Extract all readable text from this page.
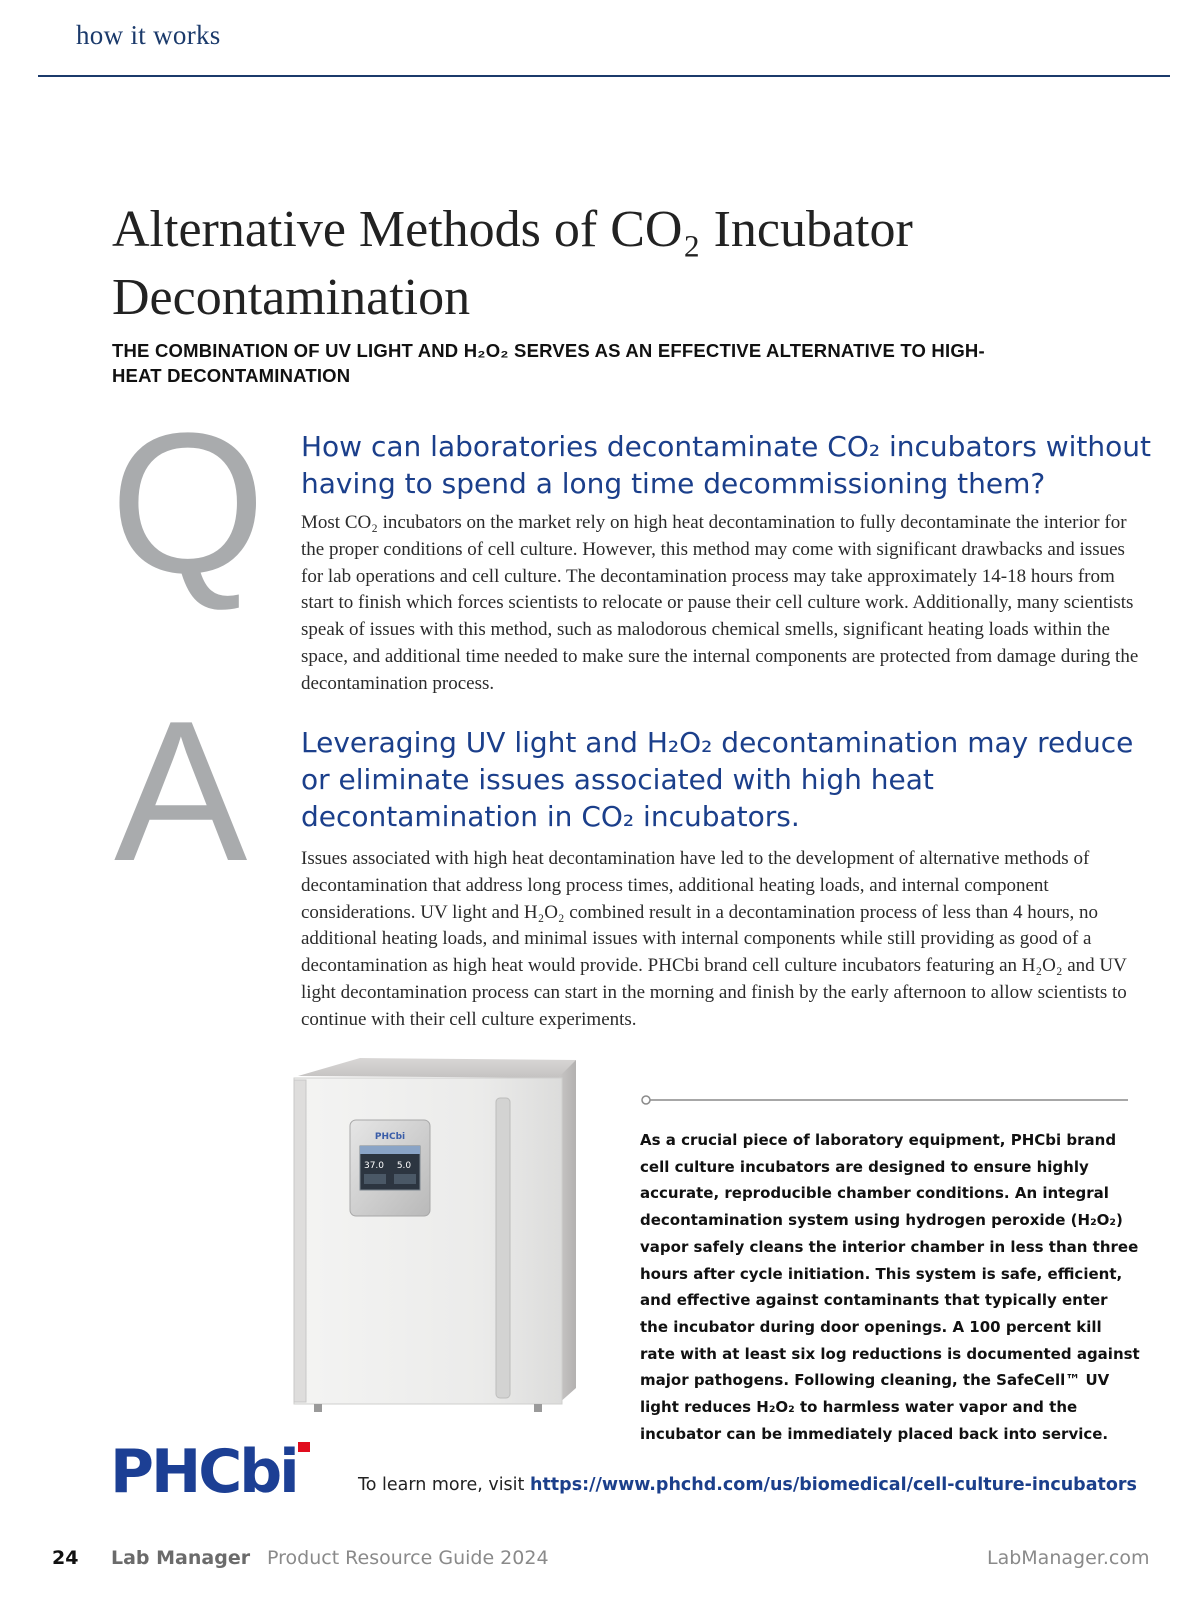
how it works
Alternative Methods of CO₂ Incubator Decontamination
THE COMBINATION OF UV LIGHT AND H₂O₂ SERVES AS AN EFFECTIVE ALTERNATIVE TO HIGH-HEAT DECONTAMINATION
Q How can laboratories decontaminate CO₂ incubators without having to spend a long time decommissioning them?
Most CO₂ incubators on the market rely on high heat decontamination to fully decontaminate the interior for the proper conditions of cell culture. However, this method may come with significant drawbacks and issues for lab operations and cell culture. The decontamination process may take approximately 14-18 hours from start to finish which forces scientists to relocate or pause their cell culture work. Additionally, many scientists speak of issues with this method, such as malodorous chemical smells, significant heating loads within the space, and additional time needed to make sure the internal components are protected from damage during the decontamination process.
A Leveraging UV light and H₂O₂ decontamination may reduce or eliminate issues associated with high heat decontamination in CO₂ incubators.
Issues associated with high heat decontamination have led to the development of alternative methods of decontamination that address long process times, additional heating loads, and internal component considerations. UV light and H₂O₂ combined result in a decontamination process of less than 4 hours, no additional heating loads, and minimal issues with internal components while still providing as good of a decontamination as high heat would provide. PHCbi brand cell culture incubators featuring an H₂O₂ and UV light decontamination process can start in the morning and finish by the early afternoon to allow scientists to continue with their cell culture experiments.
PHCbi
37.0 5.0
As a crucial piece of laboratory equipment, PHCbi brand cell culture incubators are designed to ensure highly accurate, reproducible chamber conditions. An integral decontamination system using hydrogen peroxide (H₂O₂) vapor safely cleans the interior chamber in less than three hours after cycle initiation. This system is safe, efficient, and effective against contaminants that typically enter the incubator during door openings. A 100 percent kill rate with at least six log reductions is documented against major pathogens. Following cleaning, the SafeCell™ UV light reduces H₂O₂ to harmless water vapor and the incubator can be immediately placed back into service.
PHCbi	To learn more, visit https://www.phchd.com/us/biomedical/cell-culture-incubators
24 Lab Manager Product Resource Guide 2024	LabManager.com
